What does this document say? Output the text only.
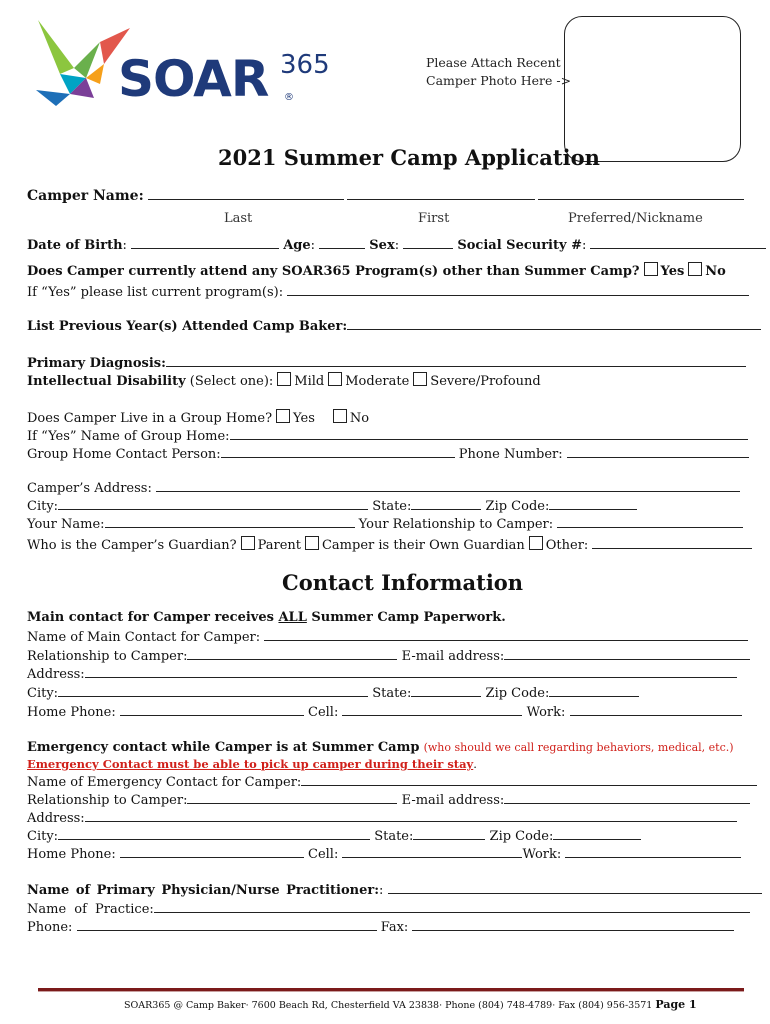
SOAR 365
®
Please Attach Recent
Camper Photo Here ->
2021 Summer Camp Application
Camper Name:
Last	First	Preferred/Nickname
Date of Birth:	Age:	Sex:	Social Security #:
Does Camper currently attend any SOAR365 Program(s) other than Summer Camp? Yes No
If “Yes” please list current program(s):
List Previous Year(s) Attended Camp Baker:
Primary Diagnosis:
Intellectual Disability (Select one): Mild Moderate Severe/Profound
Does Camper Live in a Group Home? Yes	No
If “Yes” Name of Group Home:
Group Home Contact Person:	Phone Number:
Camper’s Address:
City:	State:	Zip Code:
Your Name:	Your Relationship to Camper:
Who is the Camper’s Guardian? Parent Camper is their Own Guardian Other:
Contact Information
Main contact for Camper receives ALL Summer Camp Paperwork.
Name of Main Contact for Camper:
Relationship to Camper:	E-mail address:
Address:
City:	State:	Zip Code:
Home Phone:	Cell:	Work:
Emergency contact while Camper is at Summer Camp (who should we call regarding behaviors, medical, etc.)
Emergency Contact must be able to pick up camper during their stay.
Name of Emergency Contact for Camper:
Relationship to Camper:	E-mail address:
Address:
City:	State:	Zip Code:
Home Phone:	Cell:	Work:
Name of Primary Physician/Nurse Practitioner::
Name of Practice:
Phone:	Fax:
SOAR365 @ Camp Baker· 7600 Beach Rd, Chesterfield VA 23838· Phone (804) 748-4789· Fax (804) 956-3571 Page 1
